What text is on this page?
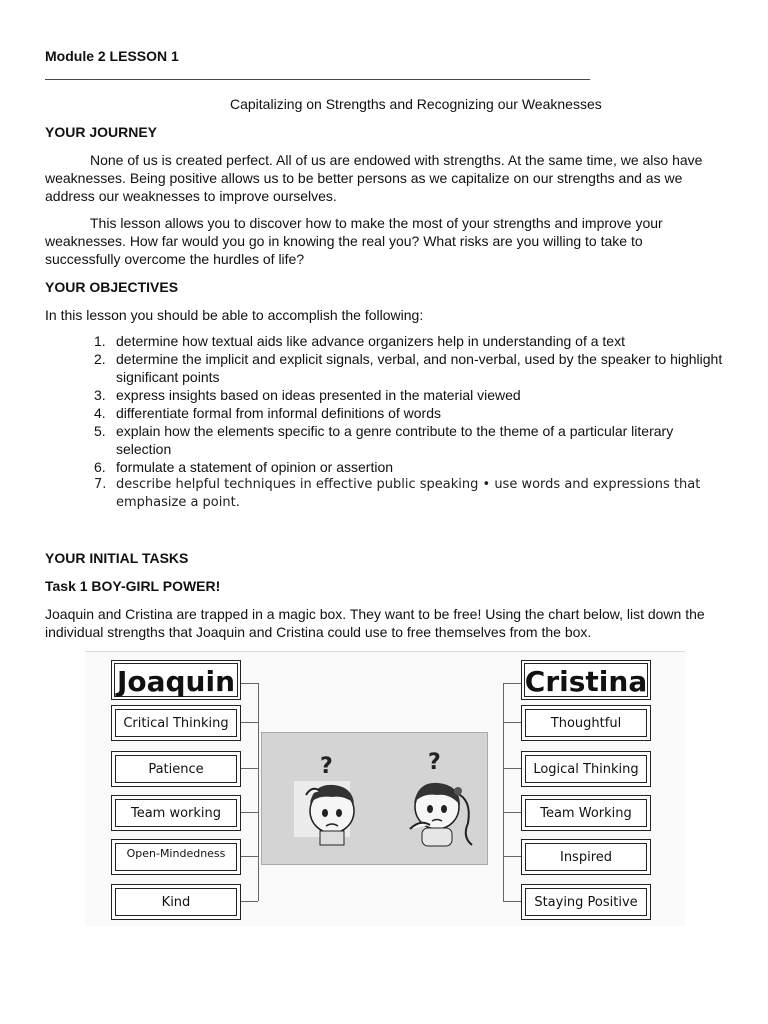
Module 2 LESSON 1
______________________________________________________________________
Capitalizing on Strengths and Recognizing our Weaknesses
YOUR JOURNEY

None of us is created perfect. All of us are endowed with strengths. At the same time, we also have weaknesses. Being positive allows us to be better persons as we capitalize on our strengths and as we address our weaknesses to improve ourselves.

This lesson allows you to discover how to make the most of your strengths and improve your weaknesses. How far would you go in knowing the real you? What risks are you willing to take to successfully overcome the hurdles of life?

YOUR OBJECTIVES
In this lesson you should be able to accomplish the following:
1. determine how textual aids like advance organizers help in understanding of a text
2. determine the implicit and explicit signals, verbal, and non-verbal, used by the speaker to highlight significant points
3. express insights based on ideas presented in the material viewed
4. differentiate formal from informal definitions of words
5. explain how the elements specific to a genre contribute to the theme of a particular literary selection
6. formulate a statement of opinion or assertion
7. describe helpful techniques in effective public speaking • use words and expressions that emphasize a point.
YOUR INITIAL TASKS
Task 1 BOY-GIRL POWER!

Joaquin and Cristina are trapped in a magic box. They want to be free! Using the chart below, list down the individual strengths that Joaquin and Cristina could use to free themselves from the box.

Joaquin	Cristina
Critical Thinking
Patience
Team working
Open-Mindedness
Kind
Thoughtful
Logical Thinking
Team Working
Inspired
Staying Positive
?	?
